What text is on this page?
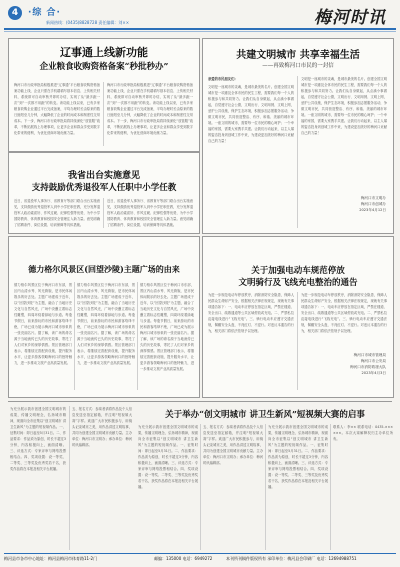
4	·综 合·
新闻热线：(0435)8828728 责任编辑：刘××	梅河时讯
辽事通上线新功能
企业粮食收购资格备案“秒批秒办”
梅河口市行政审批局积极推进“辽事通”平台粮食收购资格备案功能上线，企业只需在手机端填写基本信息、上传相关材料，系统即可自动审核并即时办结，实现了从“最多跑一次”到“一次都不用跑”的转变。该功能上线以来，已有多家粮食收购企业通过平台完成备案，平均办理时长由原来的数日缩短至几分钟，大幅降低了企业的时间成本和制度性交易成本。下一步，梅河口市行政审批局将持续深化“放管服”改革，不断拓展线上办理事项，让更多企业和群众享受到数字化带来的便利，为优化营商环境贡献力量。
梅河口市行政审批局积极推进“辽事通”平台粮食收购资格备案功能上线，企业只需在手机端填写基本信息、上传相关材料，系统即可自动审核并即时办结，实现了从“最多跑一次”到“一次都不用跑”的转变。该功能上线以来，已有多家粮食收购企业通过平台完成备案，平均办理时长由原来的数日缩短至几分钟，大幅降低了企业的时间成本和制度性交易成本。下一步，梅河口市行政审批局将持续深化“放管服”改革，不断拓展线上办理事项，让更多企业和群众享受到数字化带来的便利，为优化营商环境贡献力量。
我省出台实施意见
支持鼓励优秀退役军人任职中小学任教
近日，省退役军人事务厅、省教育厅等部门联合出台实施意见，支持鼓励优秀退役军人到中小学任职任教，充分发挥退役军人政治素质好、作风过硬、纪律性强等优势，为中小学国防教育、体育教育和校园安全管理注入新力量。意见明确了招聘条件、岗位设置、培训保障等具体措施。
近日，省退役军人事务厅、省教育厅等部门联合出台实施意见，支持鼓励优秀退役军人到中小学任职任教，充分发挥退役军人政治素质好、作风过硬、纪律性强等优势，为中小学国防教育、体育教育和校园安全管理注入新力量。意见明确了招聘条件、岗位设置、培训保障等具体措施。
共建文明城市 共享幸福生活
——再致梅河口市民的一封信
亲爱的市民朋友们：
文明是一座城市的灵魂，是城市最美的名片。创建全国文明城市是一项惠及全体市民的民生工程，需要我们每一个人的积极参与和共同努力。让我们从自身做起，从点滴小事做起，自觉遵守社会公德，文明出行、文明用餐、文明上网，爱护公共设施，保护生态环境，积极参加志愿服务活动，争做文明市民，共同营造整洁、有序、和谐、美丽的城市环境。一座文明的城市，需要每一位市民的精心呵护；一个幸福的家园，需要大家携手共建。让我们行动起来，以主人翁的姿态投身到创城工作中来，为建设更加美好的梅河口贡献自己的力量！
文明是一座城市的灵魂，是城市最美的名片。创建全国文明城市是一项惠及全体市民的民生工程，需要我们每一个人的积极参与和共同努力。让我们从自身做起，从点滴小事做起，自觉遵守社会公德，文明出行、文明用餐、文明上网，爱护公共设施，保护生态环境，积极参加志愿服务活动，争做文明市民，共同营造整洁、有序、和谐、美丽的城市环境。一座文明的城市，需要每一位市民的精心呵护；一个幸福的家园，需要大家携手共建。让我们行动起来，以主人翁的姿态投身到创城工作中来，为建设更加美好的梅河口贡献自己的力量！
梅河口市文明办
梅河口市创城办
2023年4月12日
德力格尔风景区(回望沙陵)主题广场的由来
德力格尔风景区位于梅河口市东部，景区内山清水秀、风光旖旎，是市民休闲娱乐的好去处。主题广场建成于近年，以“回望沙陵”为主题，融合了当地历史文化与自然风光，广场中央矗立着标志性雕塑，四周环绕着绿地与步道。每逢节假日，前来游玩的市民和游客络绎不绝，广场已成为展示梅河口城市形象的一张亮丽名片。据了解，该广场的命名源于当地流传已久的历史故事，寄托了人们对家乡的深厚情感。景区管理部门表示，将继续完善配套设施，提升服务水平，让更多游客领略梅河口的独特魅力，进一步推动文旅产业高质量发展。
德力格尔风景区位于梅河口市东部，景区内山清水秀、风光旖旎，是市民休闲娱乐的好去处。主题广场建成于近年，以“回望沙陵”为主题，融合了当地历史文化与自然风光，广场中央矗立着标志性雕塑，四周环绕着绿地与步道。每逢节假日，前来游玩的市民和游客络绎不绝，广场已成为展示梅河口城市形象的一张亮丽名片。据了解，该广场的命名源于当地流传已久的历史故事，寄托了人们对家乡的深厚情感。景区管理部门表示，将继续完善配套设施，提升服务水平，让更多游客领略梅河口的独特魅力，进一步推动文旅产业高质量发展。
德力格尔风景区位于梅河口市东部，景区内山清水秀、风光旖旎，是市民休闲娱乐的好去处。主题广场建成于近年，以“回望沙陵”为主题，融合了当地历史文化与自然风光，广场中央矗立着标志性雕塑，四周环绕着绿地与步道。每逢节假日，前来游玩的市民和游客络绎不绝，广场已成为展示梅河口城市形象的一张亮丽名片。据了解，该广场的命名源于当地流传已久的历史故事，寄托了人们对家乡的深厚情感。景区管理部门表示，将继续完善配套设施，提升服务水平，让更多游客领略梅河口的独特魅力，进一步推动文旅产业高质量发展。
关于加强电动车规范停放
文明骑行及飞线充电整治的通告
为进一步规范电动车停放秩序，消除消防安全隐患，保障人民群众生命财产安全，根据相关法律法规规定，现就有关事项通告如下：一、电动车应停放在指定区域，严禁在楼道、安全出口、疏散通道等公共区域停放或充电。二、严禁私拉乱接电线进行“飞线充电”。三、骑行电动车应遵守交通法规，佩戴安全头盔，不闯红灯、不逆行。对违反本通告的行为，相关部门将依法依规予以处理。
为进一步规范电动车停放秩序，消除消防安全隐患，保障人民群众生命财产安全，根据相关法律法规规定，现就有关事项通告如下：一、电动车应停放在指定区域，严禁在楼道、安全出口、疏散通道等公共区域停放或充电。二、严禁私拉乱接电线进行“飞线充电”。三、骑行电动车应遵守交通法规，佩戴安全头盔，不闯红灯、不逆行。对违反本通告的行为，相关部门将依法依规予以处理。
梅河口市城市管理局
梅河口市公安局
梅河口市消防救援大队
2023年4月3日
为充分展示我市创建全国文明城市的成果，传播文明理念，弘扬城市精神，现面向全市征集以“创文明城市 讲卫生新风”为主题的短视频作品。一、征集时间：即日起至5月31日。二、作品要求：作品须为原创，时长不超过3分钟，内容积极向上，画面清晰。三、评选方式：专家评审与网络投票相结合。四、奖项设置：设一等奖、二等奖、三等奖及优秀奖若干名，获奖作品将在本报及相关平台展播。
五、报名方式：参赛者请将作品及个人信息发送至指定邮箱，并注明“短视频大赛”字样。欢迎广大市民积极参与，用镜头记录城市之美，用作品讲述文明故事，共同为创建全国文明城市贡献力量。主办单位：梅河口市文明办；承办单位：梅河时讯编辑部。
关于举办“创文明城市 讲卫生新风”短视频大赛的启事
为充分展示我市创建全国文明城市的成果，传播文明理念，弘扬城市精神，现面向全市征集以“创文明城市 讲卫生新风”为主题的短视频作品。一、征集时间：即日起至5月31日。二、作品要求：作品须为原创，时长不超过3分钟，内容积极向上，画面清晰。三、评选方式：专家评审与网络投票相结合。四、奖项设置：设一等奖、二等奖、三等奖及优秀奖若干名，获奖作品将在本报及相关平台展播。
五、报名方式：参赛者请将作品及个人信息发送至指定邮箱，并注明“短视频大赛”字样。欢迎广大市民积极参与，用镜头记录城市之美，用作品讲述文明故事，共同为创建全国文明城市贡献力量。主办单位：梅河口市文明办；承办单位：梅河时讯编辑部。
为充分展示我市创建全国文明城市的成果，传播文明理念，弘扬城市精神，现面向全市征集以“创文明城市 讲卫生新风”为主题的短视频作品。一、征集时间：即日起至5月31日。二、作品要求：作品须为原创，时长不超过3分钟，内容积极向上，画面清晰。三、评选方式：专家评审与网络投票相结合。四、奖项设置：设一等奖、二等奖、三等奖及优秀奖若干名，获奖作品将在本报及相关平台展播。
联系人：李×× 联系电话：0435-××××××。本次大赛解释权归主办单位所有。
梅河县市各市中心地址：梅河县梅河市体育路11-2门	邮编：135000 电话：6949272	本刊所刊稿件版权所有 承印单位：梅河县会印刷厂 电话：12694988751
